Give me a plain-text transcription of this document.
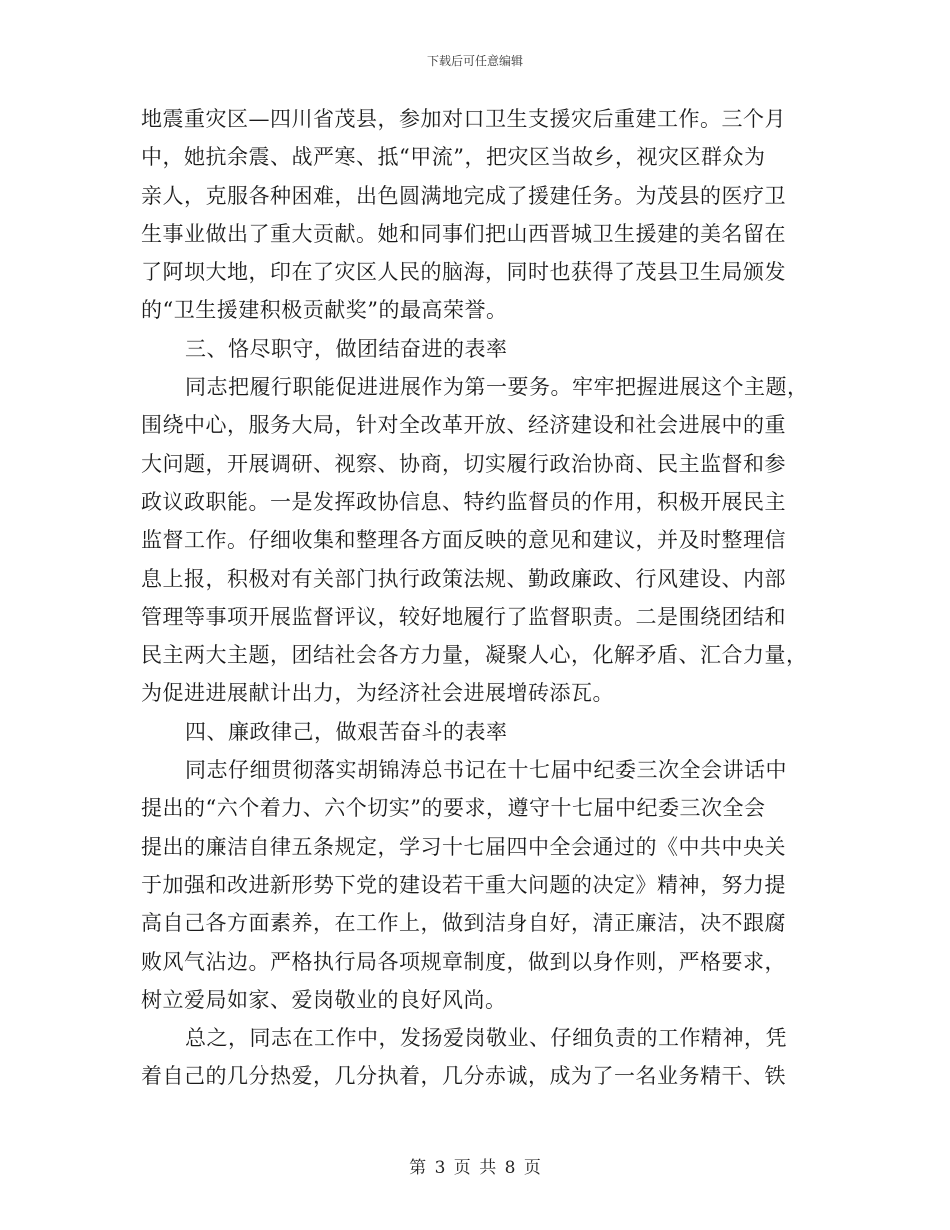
下载后可任意编辑
地震重灾区—四川省茂县，参加对口卫生支援灾后重建工作。三个月
中，她抗余震、战严寒、抵“甲流”，把灾区当故乡，视灾区群众为
亲人，克服各种困难，出色圆满地完成了援建任务。为茂县的医疗卫
生事业做出了重大贡献。她和同事们把山西晋城卫生援建的美名留在
了阿坝大地，印在了灾区人民的脑海，同时也获得了茂县卫生局颁发
的“卫生援建积极贡献奖”的最高荣誉。
三、恪尽职守，做团结奋进的表率
同志把履行职能促进进展作为第一要务。牢牢把握进展这个主题，
围绕中心，服务大局，针对全改革开放、经济建设和社会进展中的重
大问题，开展调研、视察、协商，切实履行政治协商、民主监督和参
政议政职能。一是发挥政协信息、特约监督员的作用，积极开展民主
监督工作。仔细收集和整理各方面反映的意见和建议，并及时整理信
息上报，积极对有关部门执行政策法规、勤政廉政、行风建设、内部
管理等事项开展监督评议，较好地履行了监督职责。二是围绕团结和
民主两大主题，团结社会各方力量，凝聚人心，化解矛盾、汇合力量，
为促进进展献计出力，为经济社会进展增砖添瓦。
四、廉政律己，做艰苦奋斗的表率
同志仔细贯彻落实胡锦涛总书记在十七届中纪委三次全会讲话中
提出的“六个着力、六个切实”的要求，遵守十七届中纪委三次全会
提出的廉洁自律五条规定，学习十七届四中全会通过的《中共中央关
于加强和改进新形势下党的建设若干重大问题的决定》精神，努力提
高自己各方面素养，在工作上，做到洁身自好，清正廉洁，决不跟腐
败风气沾边。严格执行局各项规章制度，做到以身作则，严格要求，
树立爱局如家、爱岗敬业的良好风尚。
总之，同志在工作中，发扬爱岗敬业、仔细负责的工作精神，凭
着自己的几分热爱，几分执着，几分赤诚，成为了一名业务精干、铁
第 3 页 共 8 页
